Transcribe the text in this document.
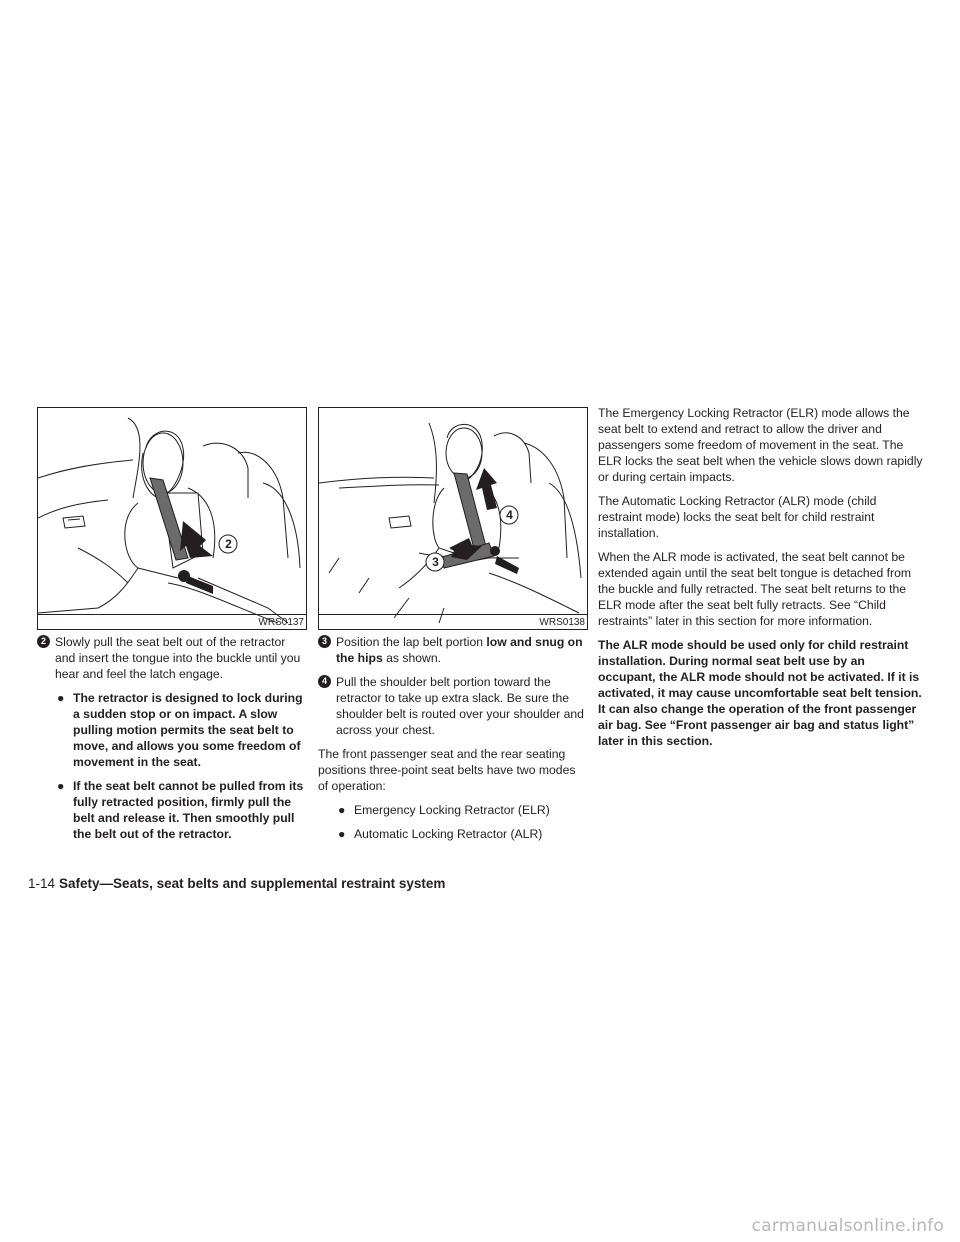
2
WRS0137
4
3
WRS0138
2 Slowly pull the seat belt out of the retractor and insert the tongue into the buckle until you hear and feel the latch engage.

● The retractor is designed to lock during a sudden stop or on impact. A slow pulling motion permits the seat belt to move, and allows you some freedom of movement in the seat.

● If the seat belt cannot be pulled from its fully retracted position, firmly pull the belt and release it. Then smoothly pull the belt out of the retractor.

3 Position the lap belt portion low and snug on the hips as shown.

4 Pull the shoulder belt portion toward the retractor to take up extra slack. Be sure the shoulder belt is routed over your shoulder and across your chest.

The front passenger seat and the rear seating positions three-point seat belts have two modes of operation:

● Emergency Locking Retractor (ELR)

● Automatic Locking Retractor (ALR)

The Emergency Locking Retractor (ELR) mode allows the seat belt to extend and retract to allow the driver and passengers some freedom of movement in the seat. The ELR locks the seat belt when the vehicle slows down rapidly or during certain impacts.

The Automatic Locking Retractor (ALR) mode (child restraint mode) locks the seat belt for child restraint installation.

When the ALR mode is activated, the seat belt cannot be extended again until the seat belt tongue is detached from the buckle and fully retracted. The seat belt returns to the ELR mode after the seat belt fully retracts. See “Child restraints” later in this section for more information.

The ALR mode should be used only for child restraint installation. During normal seat belt use by an occupant, the ALR mode should not be activated. If it is activated, it may cause uncomfortable seat belt tension. It can also change the operation of the front passenger air bag. See “Front passenger air bag and status light” later in this section.

1-14 Safety—Seats, seat belts and supplemental restraint system
carmanualsonline.info
